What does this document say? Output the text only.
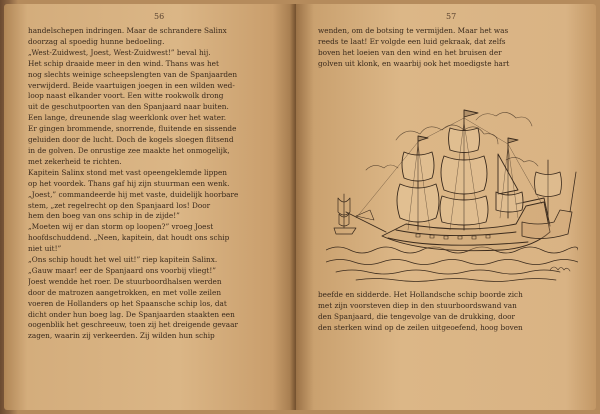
56
handelschepen indringen. Maar de schrandere Salinx
doorzag al spoedig hunne bedoeling.
„West-Zuidwest, Joest, West-Zuidwest!” beval hij.
Het schip draaide meer in den wind. Thans was het
nog slechts weinige scheepslengten van de Spanjaarden
verwijderd. Beide vaartuigen joegen in een wilden wed-
loop naast elkander voort. Een witte rookwolk drong
uit de geschutpoorten van den Spanjaard naar buiten.
Een lange, dreunende slag weerklonk over het water.
Er gingen brommende, snorrende, fluitende en sissende
geluiden door de lucht. Doch de kogels sloegen flitsend
in de golven. De onrustige zee maakte het onmogelijk,
met zekerheid te richten.
Kapitein Salinx stond met vast opeengeklemde lippen
op het voordek. Thans gaf hij zijn stuurman een wenk.
„Joest,” commandeerde hij met vaste, duidelijk hoorbare
stem, „zet regelrecht op den Spanjaard los! Door
hem den boeg van ons schip in de zijde!”
„Moeten wij er dan storm op loopen?” vroeg Joest
hoofdschuddend. „Neen, kapitein, dat houdt ons schip
niet uit!”
„Ons schip houdt het wel uit!” riep kapitein Salinx.
„Gauw maar! eer de Spanjaard ons voorbij vliegt!”
Joest wendde het roer. De stuurboordhalsen werden
door de matrozen aangetrokken, en met volle zeilen
voeren de Hollanders op het Spaansche schip los, dat
dicht onder hun boeg lag. De Spanjaarden staakten een
oogenblik het geschreeuw, toen zij het dreigende gevaar
zagen, waarin zij verkeerden. Zij wilden hun schip
57
wenden, om de botsing te vermijden. Maar het was
reeds te laat! Er volgde een luid gekraak, dat zelfs
boven het loeien van den wind en het bruisen der
golven uit klonk, en waarbij ook het moedigste hart
beefde en sidderde. Het Hollandsche schip boorde zich
met zijn voorsteven diep in den stuurboordswand van
den Spanjaard, die tengevolge van de drukking, door
den sterken wind op de zeilen uitgeoefend, hoog boven
